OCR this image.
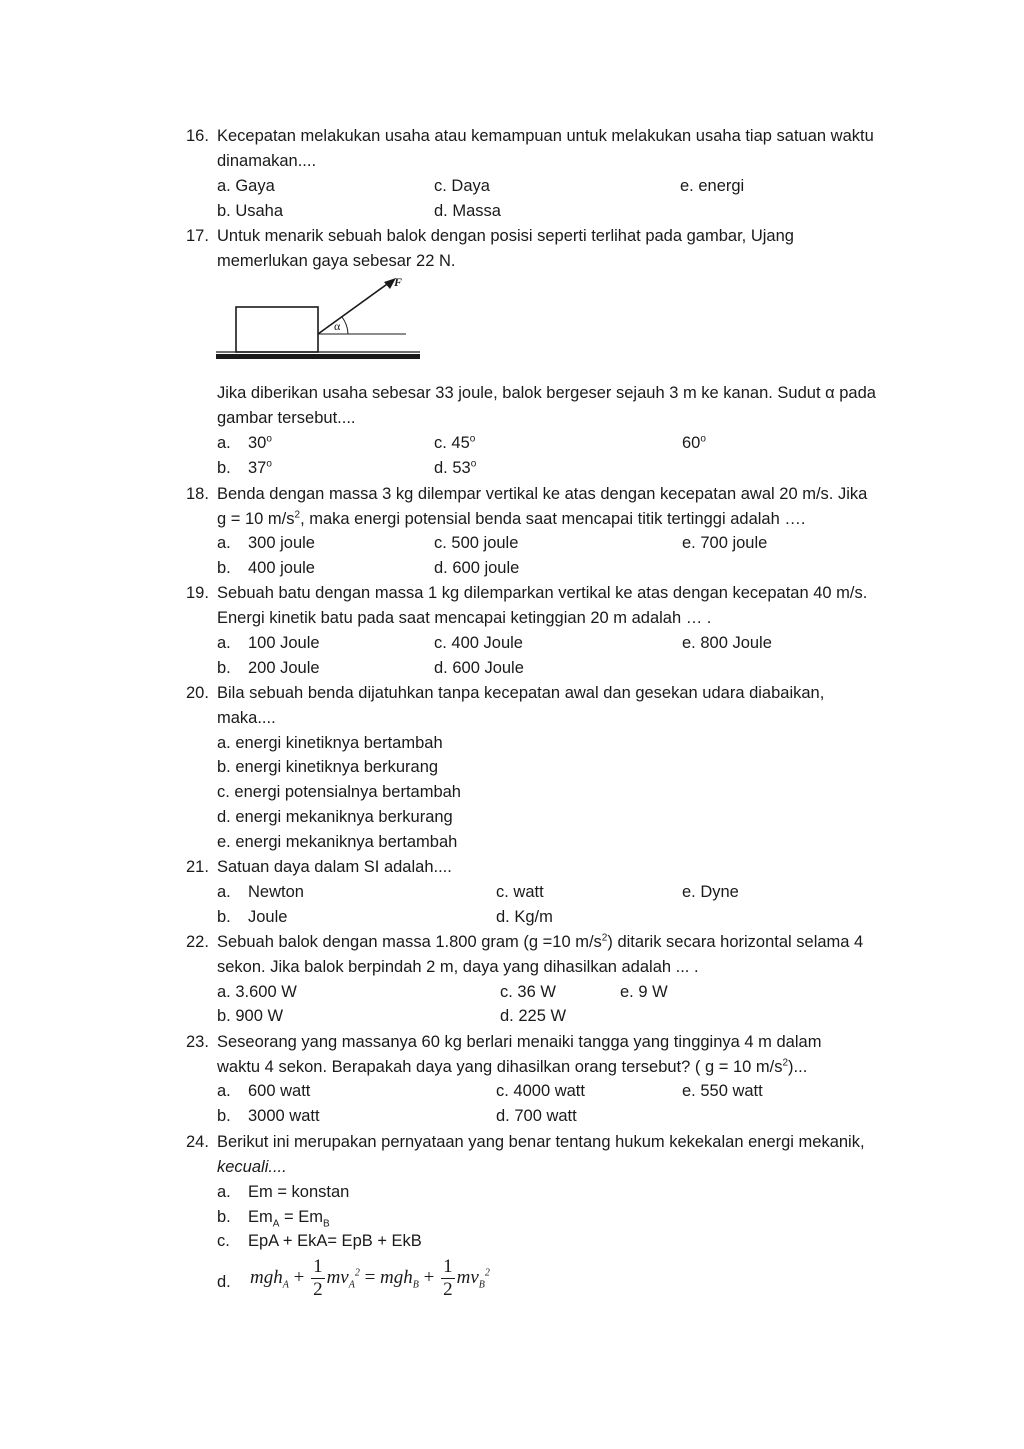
16. Kecepatan melakukan usaha atau kemampuan untuk melakukan usaha tiap satuan waktu
dinamakan....
a. Gaya	c. Daya	e. energi
b. Usaha	d. Massa
17. Untuk menarik sebuah balok dengan posisi seperti terlihat pada gambar, Ujang
memerlukan gaya sebesar 22 N.
F
α
Jika diberikan usaha sebesar 33 joule, balok bergeser sejauh 3 m ke kanan. Sudut α pada
gambar tersebut....
a. 30$^o$	c. 45$^o$	60$^o$
b. 37$^o$	d. 53$^o$
18. Benda dengan massa 3 kg dilempar vertikal ke atas dengan kecepatan awal 20 m/s. Jika
g = 10 $m/s^2$, maka energi potensial benda saat mencapai titik tertinggi adalah ….
a. 300 joule	c. 500 joule	e. 700 joule
b. 400 joule	d. 600 joule
19. Sebuah batu dengan massa 1 kg dilemparkan vertikal ke atas dengan kecepatan 40 m/s.
Energi kinetik batu pada saat mencapai ketinggian 20 m adalah … .
a. 100 Joule	c. 400 Joule	e. 800 Joule
b. 200 Joule	d. 600 Joule
20. Bila sebuah benda dijatuhkan tanpa kecepatan awal dan gesekan udara diabaikan,
maka....
a. energi kinetiknya bertambah
b. energi kinetiknya berkurang
c. energi potensialnya bertambah
d. energi mekaniknya berkurang
e. energi mekaniknya bertambah
21. Satuan daya dalam SI adalah....
a. Newton	c. watt	e. Dyne
b. Joule	d. Kg/m
22. Sebuah balok dengan massa 1.800 gram (g =10 $m/s^2$) ditarik secara horizontal selama 4
sekon. Jika balok berpindah 2 m, daya yang dihasilkan adalah ... .
a. 3.600 W	c. 36 W	e. 9 W
b. 900 W	d. 225 W
23. Seseorang yang massanya 60 kg berlari menaiki tangga yang tingginya 4 m dalam
waktu 4 sekon. Berapakah daya yang dihasilkan orang tersebut? ( g = 10 $m/s^2$)...
a. 600 watt	c. 4000 watt	e. 550 watt
b. 3000 watt	d. 700 watt
24. Berikut ini merupakan pernyataan yang benar tentang hukum kekekalan energi mekanik,
kecuali....
a. Em = konstan
b. $Em_A = Em_B$
c. EpA + EkA= EpB + EkB
d. $mgh_A + \frac{1}{2} mv_A^2 = mgh_B + \frac{1}{2} mv_B^2$
